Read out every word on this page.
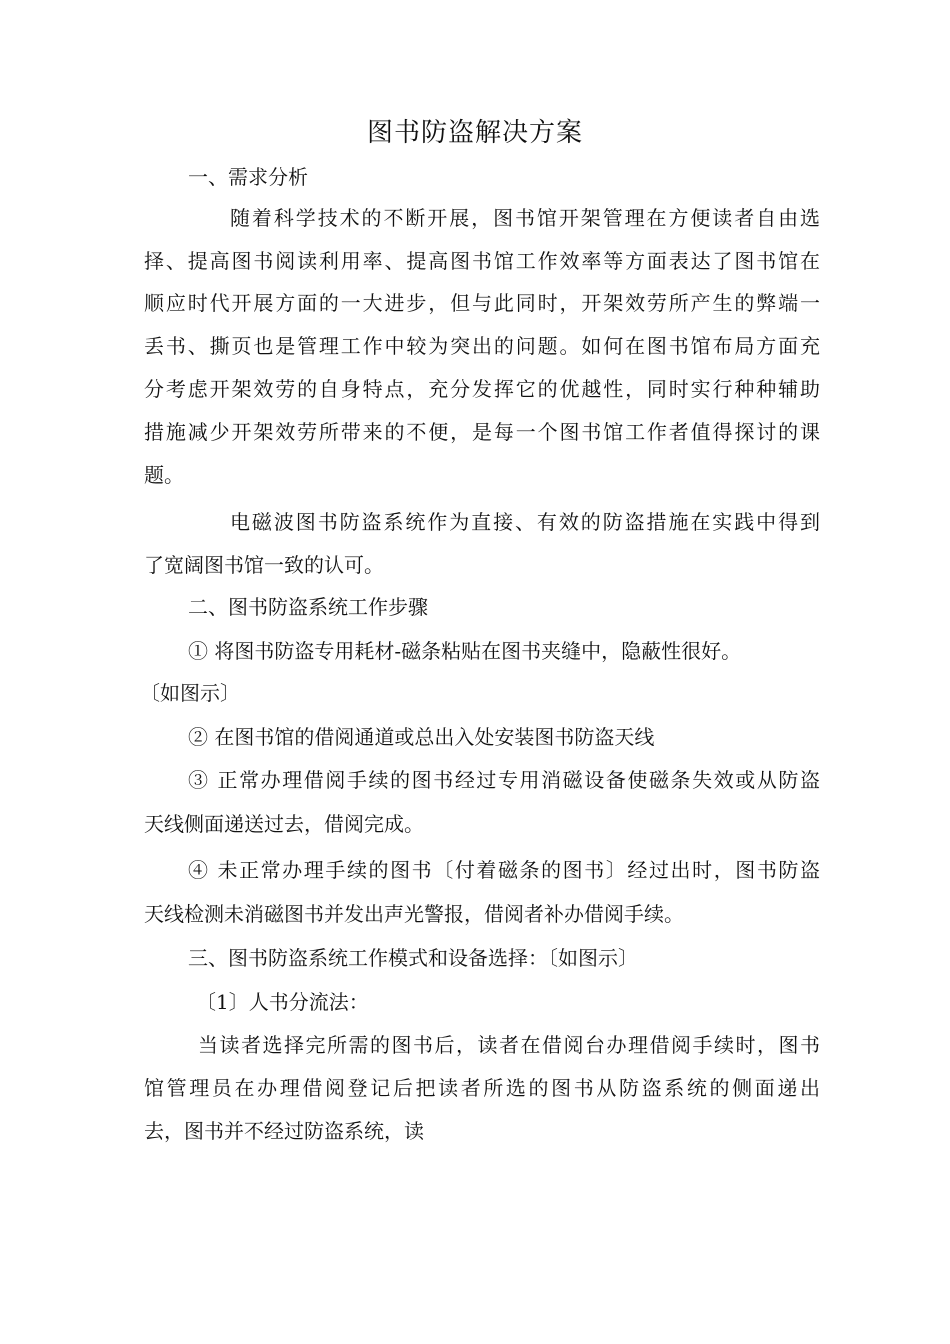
图书防盗解决方案

一、需求分析

随着科学技术的不断开展，图书馆开架管理在方便读者自由选

择、提高图书阅读利用率、提高图书馆工作效率等方面表达了图书馆在

顺应时代开展方面的一大进步，但与此同时，开架效劳所产生的弊端一

丢书、撕页也是管理工作中较为突出的问题。如何在图书馆布局方面充

分考虑开架效劳的自身特点，充分发挥它的优越性，同时实行种种辅助

措施减少开架效劳所带来的不便，是每一个图书馆工作者值得探讨的课

题。

电磁波图书防盗系统作为直接、有效的防盗措施在实践中得到

了宽阔图书馆一致的认可。

二、图书防盗系统工作步骤

① 将图书防盗专用耗材-磁条粘贴在图书夹缝中，隐蔽性很好。

〔如图示〕

② 在图书馆的借阅通道或总出入处安装图书防盗天线

③ 正常办理借阅手续的图书经过专用消磁设备使磁条失效或从防盗

天线侧面递送过去，借阅完成。

④ 未正常办理手续的图书〔付着磁条的图书〕经过出时，图书防盗

天线检测未消磁图书并发出声光警报，借阅者补办借阅手续。

三、图书防盗系统工作模式和设备选择：〔如图示〕

〔1〕人书分流法：

当读者选择完所需的图书后，读者在借阅台办理借阅手续时，图书

馆管理员在办理借阅登记后把读者所选的图书从防盗系统的侧面递出

去，图书并不经过防盗系统，读
